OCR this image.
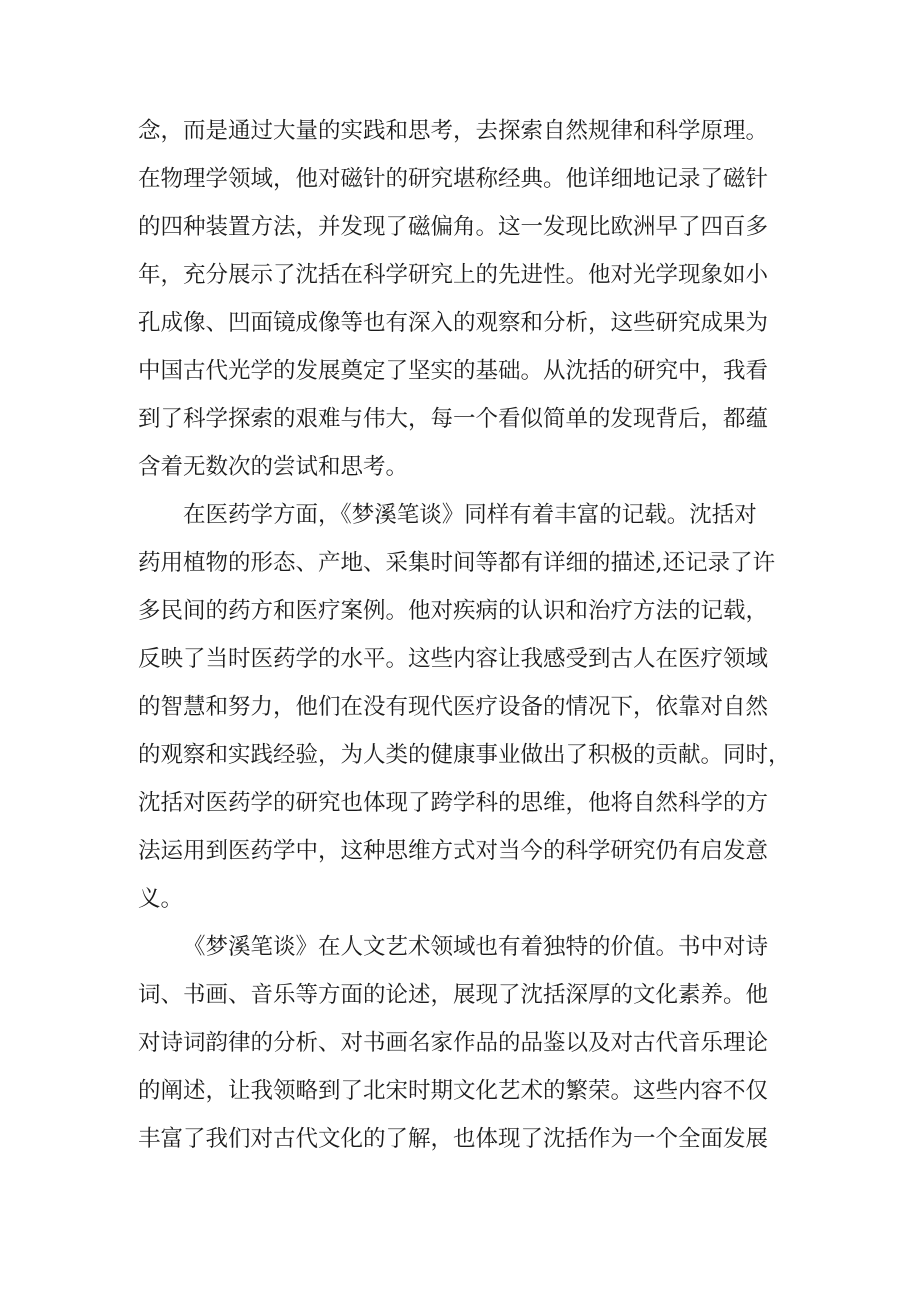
念，而是通过大量的实践和思考，去探索自然规律和科学原理。
在物理学领域，他对磁针的研究堪称经典。他详细地记录了磁针
的四种装置方法，并发现了磁偏角。这一发现比欧洲早了四百多
年，充分展示了沈括在科学研究上的先进性。他对光学现象如小
孔成像、凹面镜成像等也有深入的观察和分析，这些研究成果为
中国古代光学的发展奠定了坚实的基础。从沈括的研究中，我看
到了科学探索的艰难与伟大，每一个看似简单的发现背后，都蕴
含着无数次的尝试和思考。
在医药学方面，《梦溪笔谈》同样有着丰富的记载。沈括对
药用植物的形态、产地、采集时间等都有详细的描述,还记录了许
多民间的药方和医疗案例。他对疾病的认识和治疗方法的记载，
反映了当时医药学的水平。这些内容让我感受到古人在医疗领域
的智慧和努力，他们在没有现代医疗设备的情况下，依靠对自然
的观察和实践经验，为人类的健康事业做出了积极的贡献。同时，
沈括对医药学的研究也体现了跨学科的思维，他将自然科学的方
法运用到医药学中，这种思维方式对当今的科学研究仍有启发意
义。
《梦溪笔谈》在人文艺术领域也有着独特的价值。书中对诗
词、书画、音乐等方面的论述，展现了沈括深厚的文化素养。他
对诗词韵律的分析、对书画名家作品的品鉴以及对古代音乐理论
的阐述，让我领略到了北宋时期文化艺术的繁荣。这些内容不仅
丰富了我们对古代文化的了解，也体现了沈括作为一个全面发展
